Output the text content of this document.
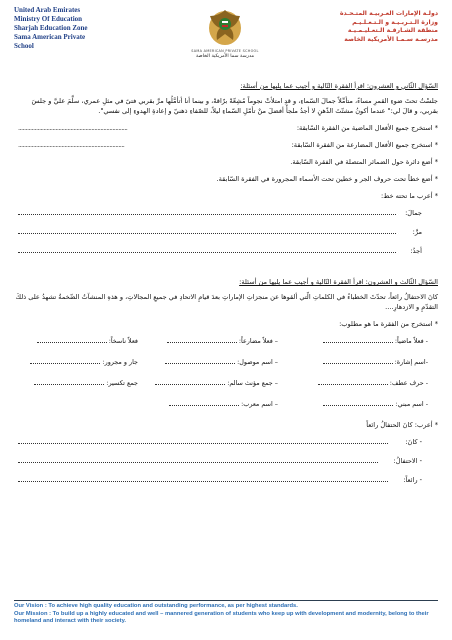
United Arab Emirates
Ministry Of Education
Sharjah Education Zone
Sama American Private
School
SAMA AMERICAN PRIVATE SCHOOL
مدرسة سما الأمريكية الخاصة
دولـة الإمارات العـربيـة المتـحـدة
وزارة الـتـربـيـة و الـتـعـلـيـم
منطقة الشـارقـة الـتعـليـمـيـة
مدرسـة سـمـا الأمريكية الخاصة
السّؤال الثّاني و العشرون: اقرأ الفقرة التّالية و أجيب عما يليها من أسئلة:
جلسْتُ تحتَ ضوءِ القمرِ مساءً، متأمِّلاً جمالَ السّماءِ، و قدِ امتلأتْ نجوماً مُشِعّةً برّاقةً، و بينما أنا أتأمَّلُها مرَّ بقربي فتىً في مثلِ عمري، سلَّمَ عليَّ و جلسَ بقربي، و قالَ لي:" عندما أكونُ مشتّتَ الذّهنِ لا أجدُ ملجأً أفضلَ منْ تأمّلِ السّماءِ ليلاً، للصّفاءِ ذهنيّ و إعادةِ الهدوءِ إلى نفسي".
* استخرج جميع الأفعال الماضية من الفقرة السّابقة:
.........................................................................
* استخرج جميع الأفعال المضارعة من الفقرة السّابقة:
.......................................................................
* أضع دائرة حول الضمائر المتصلة في الفقرة السّابقة.
* أضع خطاً تحت حروف الجر و خطين تحت الأسماء المجرورة في الفقرة السّابقة.
* أعرب ما تحته خط:
جمالَ:
مرَّ:
أجدُ:
السّؤال الثّالث و العشرون: اقرأ الفقرة التّالية و أجيب عما يليها من أسئلة:
كانَ الاحتفالُ رائعاً، تحدّثَ الخطباءُ في الكلماتِ الّتي ألقوها عن منجزاتِ الإماراتِ بعدَ قيامِ الاتحادِ في جميعِ المجالاتِ، و هذهِ المنشآتُ الضّخمةُ تشهدُ على ذلكَ التقدّمِ و الازدهارِ....
* استخرج من الفقرة ما هو مطلوب:
- فعلاً ماضياً:
– فعلاً مضارعاً:
فعلاً ناسخاً:
-اسم إشارة:
– اسم موصول:
جار و مجرور:
- حرف عطف:
– جمع مؤنث سالم:
جمع تكسير:
- اسم مبني:
– اسم معرب:
* أعرب: كانَ الحتفالُ رائعاً
- كانَ:
- الاحتفالُ:
- رائعاً:
Our Vision : To achieve high quality education and outstanding performance, as per highest standards.
Our Mission : To build up a highly educated and well – mannered generation of students who keep up with development and modernity, belong to their homeland and interact with their society.
